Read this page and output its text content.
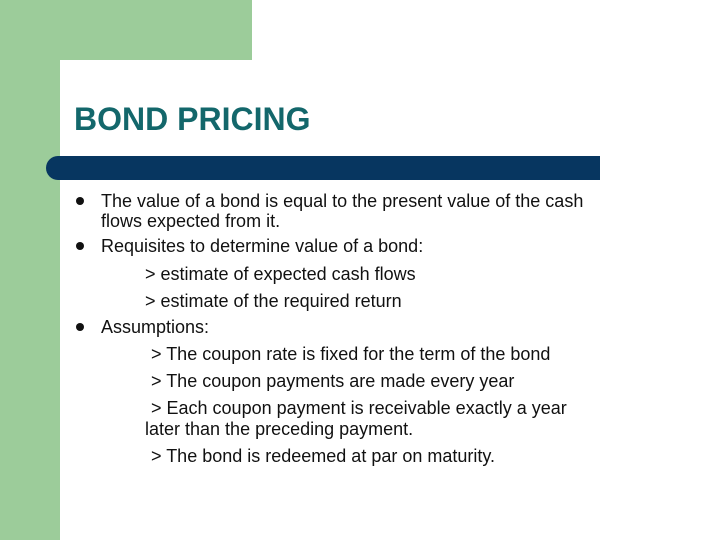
BOND PRICING
The value of a bond is equal to the present value of the cash
flows expected from it.
Requisites to determine value of a bond:
> estimate of expected cash flows
> estimate of the required return
Assumptions:
> The coupon rate is fixed for the term of the bond
> The coupon payments are made every year
> Each coupon payment is receivable exactly a year
later than the preceding payment.
> The bond is redeemed at par on maturity.
